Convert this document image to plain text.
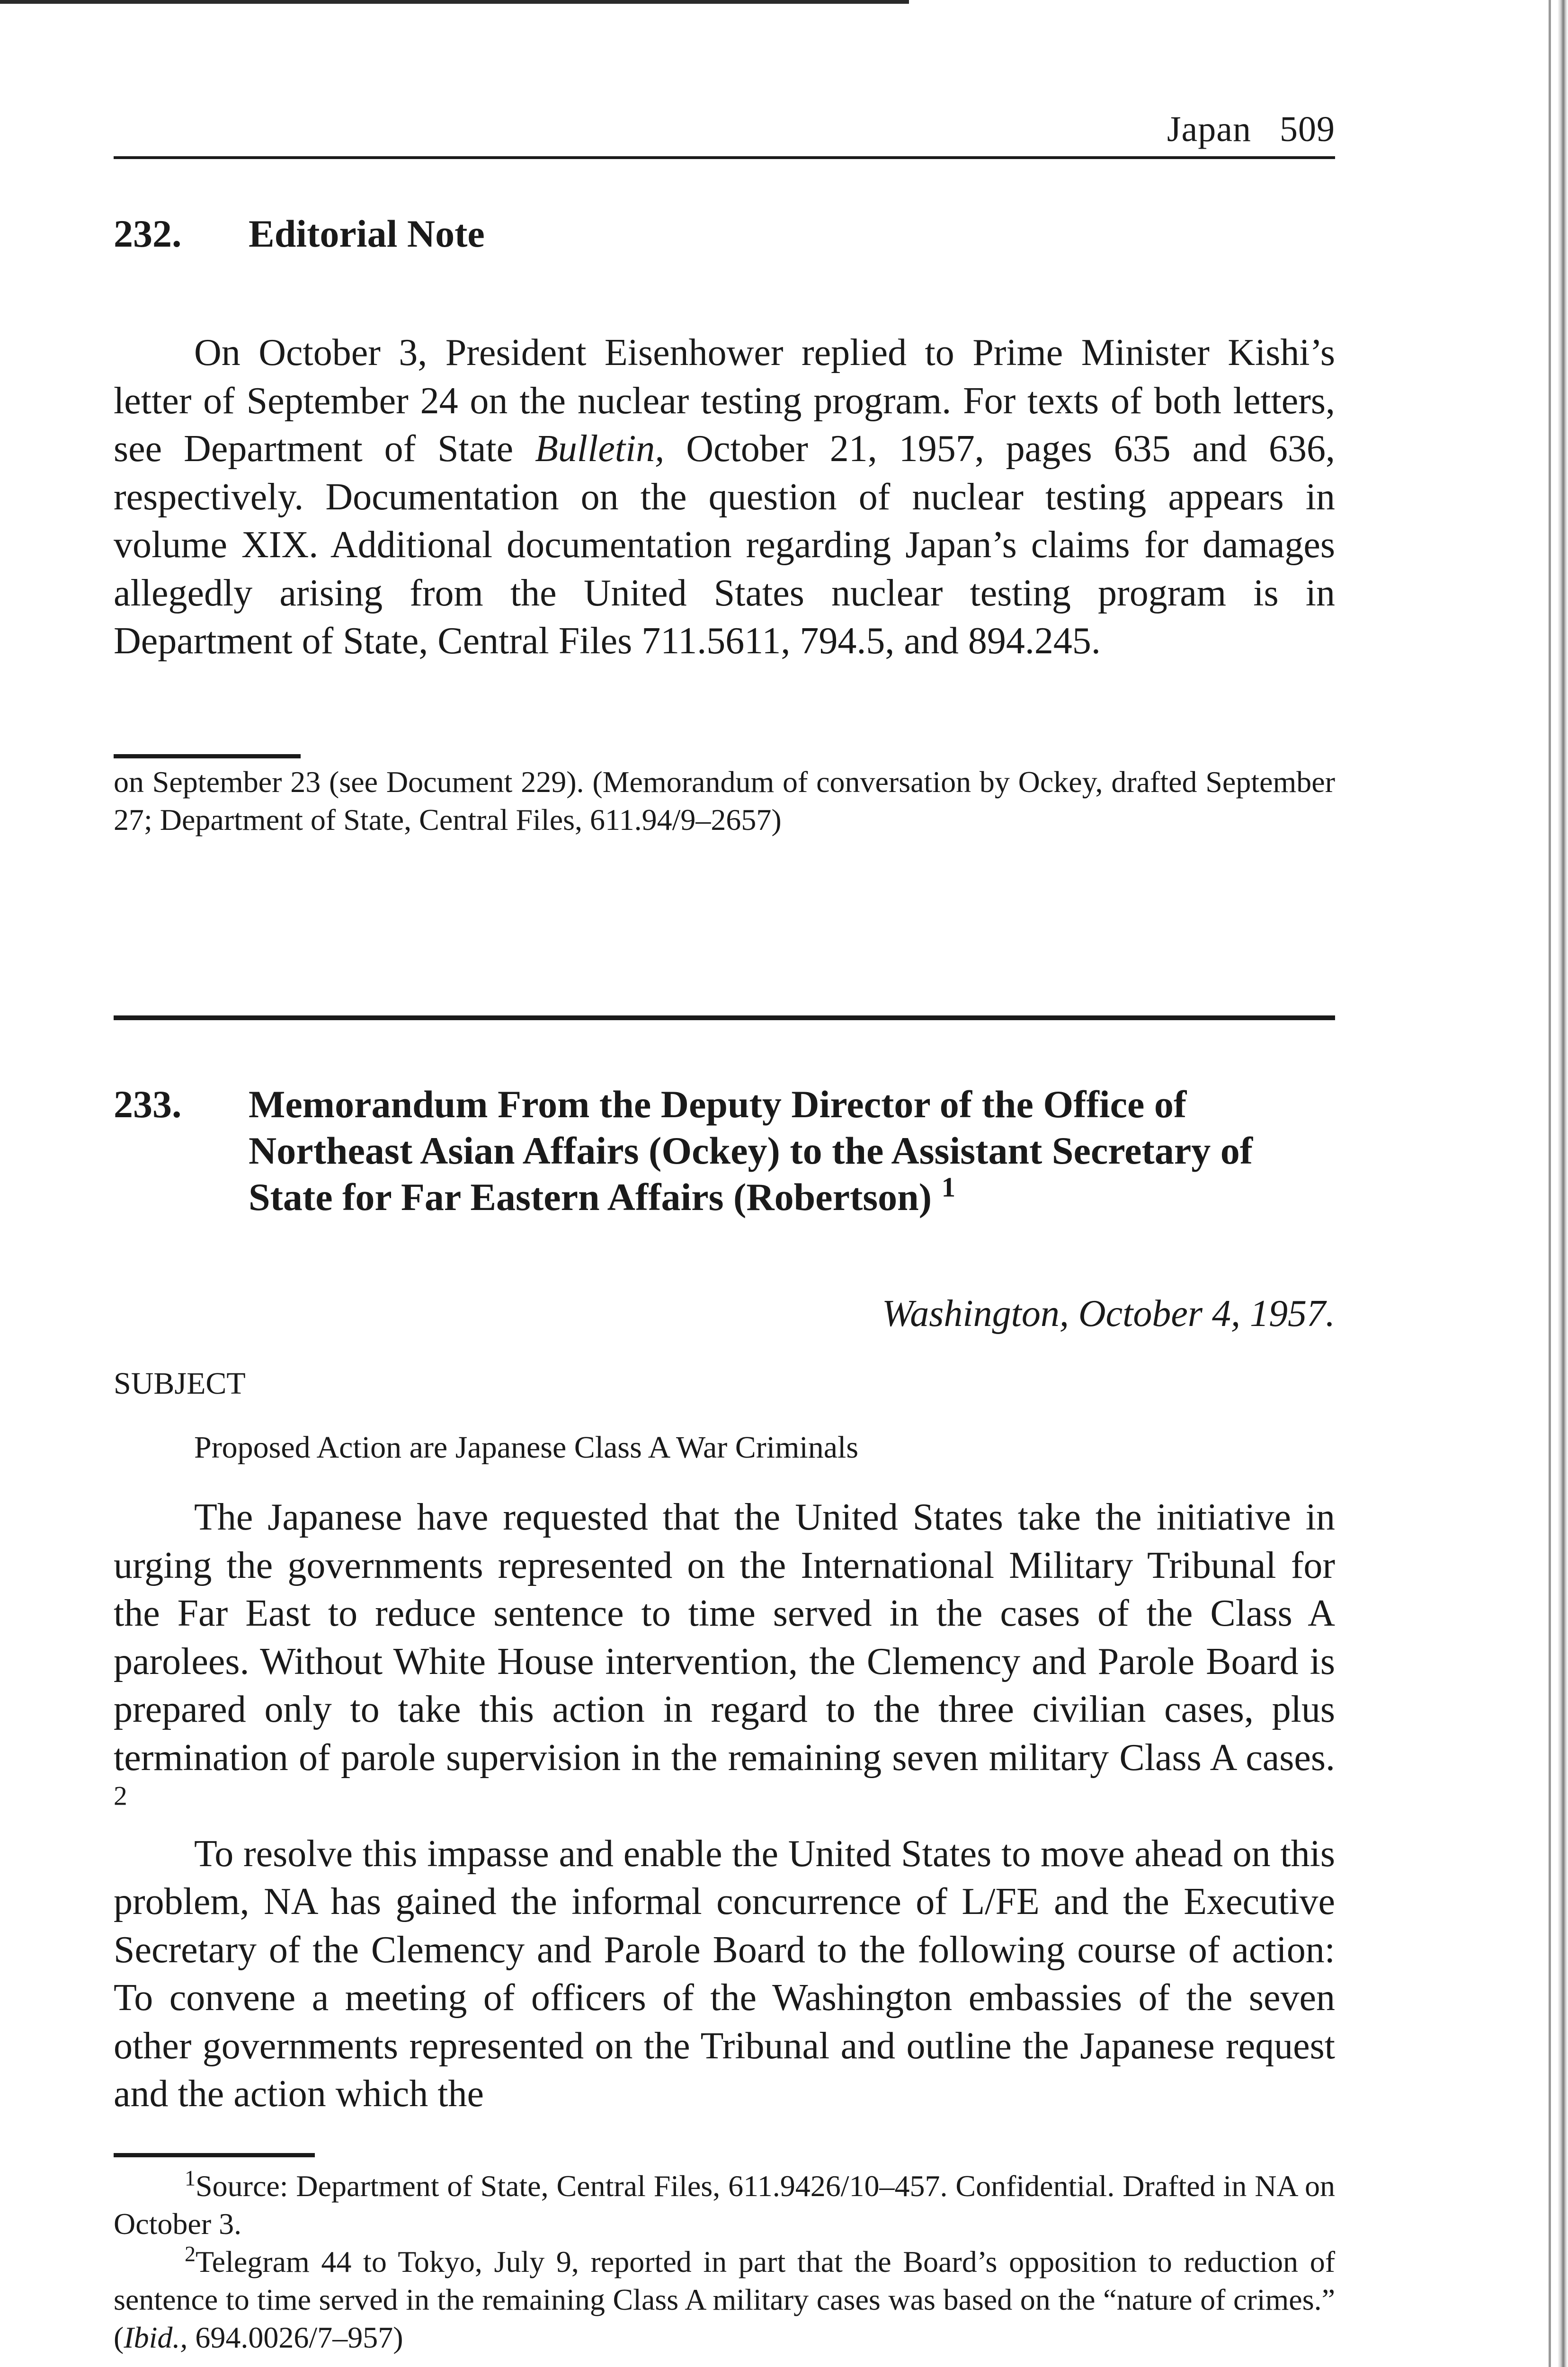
Japan 509
232. Editorial Note

On October 3, President Eisenhower replied to Prime Minister Kishi’s letter of September 24 on the nuclear testing program. For texts of both letters, see Department of State Bulletin, October 21, 1957, pages 635 and 636, respectively. Documentation on the question of nuclear testing appears in volume XIX. Additional documentation regarding Japan’s claims for damages allegedly arising from the United States nuclear testing program is in Department of State, Central Files 711.5611, 794.5, and 894.245.

on September 23 (see Document 229). (Memorandum of conversation by Ockey, drafted September 27; Department of State, Central Files, 611.94/9–2657)

233. Memorandum From the Deputy Director of the Office of Northeast Asian Affairs (Ockey) to the Assistant Secretary of State for Far Eastern Affairs (Robertson) $^1$
Washington, October 4, 1957.
SUBJECT
Proposed Action are Japanese Class A War Criminals

The Japanese have requested that the United States take the initiative in urging the governments represented on the International Military Tribunal for the Far East to reduce sentence to time served in the cases of the Class A parolees. Without White House intervention, the Clemency and Parole Board is prepared only to take this action in regard to the three civilian cases, plus termination of parole supervision in the remaining seven military Class A cases. $^2$

To resolve this impasse and enable the United States to move ahead on this problem, NA has gained the informal concurrence of L/FE and the Executive Secretary of the Clemency and Parole Board to the following course of action: To convene a meeting of officers of the Washington embassies of the seven other governments represented on the Tribunal and outline the Japanese request and the action which the

$^1$Source: Department of State, Central Files, 611.9426/10–457. Confidential. Drafted in NA on October 3.

$^2$Telegram 44 to Tokyo, July 9, reported in part that the Board’s opposition to reduction of sentence to time served in the remaining Class A military cases was based on the “nature of crimes.” (Ibid., 694.0026/7–957)
